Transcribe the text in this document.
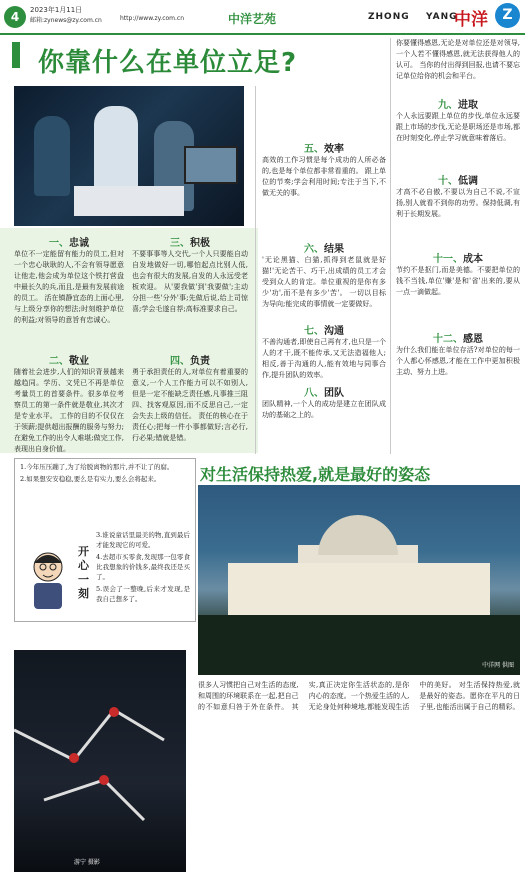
4	2023年1月11日
邮箱:zynews@zy.com.cn	http://www.zy.com.cn	中洋艺苑	ZHONG YANG
中洋	Z
你靠什么在单位立足?
一、忠诚
单位不一定能留有能力的员工,但对一个忠心耿耿的人,不会有领导愿意让他走,他会成为单位这个铁打营盘中最长久的兵,而且,是最有发展前途的员工。 活在镇静宜态的上面心里,与上级分享你的想法;时刻维护单位的利益;对领导的意旨有忠诚心。
二、敬业
随着社会进步,人们的知识背景越来越趋同。学历、文凭已不再是单位考量员工的首要条件。很多单位考察员工的第一条件就是敬业,其次才是专业水平。 工作的目的不仅仅在于领薪;提供超出报酬的服务与努力;在避免工作的出令人难堪;做完工作,表现出自身价值。
三、积极
不要事事等人交代,一个人只要能自动自发地做好一切,哪怕起点比别人低,也会有很大的发展,自发的人永远受老板欢迎。 从'要我做'到'我要做';主动分担一些'分外'事;先做后说,给上司惊喜;学会毛遂自荐;高标准要求自己。
四、负责
勇于承担责任的人,对单位有着重要的意义,一个人工作能力可以不如别人,但是一定不能缺乏责任感,凡事推三阻四、找客观原因,而不反思自己,一定会失去上级的信任。 责任的核心在于责任心;把每一件小事都做好;言必行,行必果;错就是错。
五、效率
高效的工作习惯是每个成功的人所必备的,也是每个单位都非常看重的。 跟上单位的节奏;学会利用时间;专注于当下,不做无关的事。
六、结果
'无论黑猫、白猫,抓得到老鼠就是好猫!'无论苦干、巧干,出成绩的员工才会受到众人的肯定。单位重视的是你有多少'功',而不是有多少'苦'。 一切以目标为导向;能完成的事情就一定要做好。
七、沟通
不善沟通者,即使自己再有才,也只是一个人的才干,既不能传承,又无法造福他人;相反,善于沟通的人,能有效地与同事合作,提升团队的效率。
八、团队
团队精神,一个人的成功是建立在团队成功的基础之上的。
你要懂得感恩,无论是对单位还是对领导,一个人若不懂得感恩,就无法获得他人的认可。 当你的付出得到回报,也请不要忘记单位给你的机会和平台。
九、进取
个人永远要跟上单位的步伐,单位永远要跟上市场的步伐,无论是职场还是市场,都在时刻变化,停止学习就意味着落后。
十、低调
才高不必自傲,不要以为自己不说,不宣扬,别人就看不到你的功劳。保持低调,有利于长期发展。
十一、成本
节约不是抠门,而是美德。不要把单位的钱不当钱,单位'赚'是和'省'出来的,要从一点一滴做起。
十二、感恩
为什么我们能在单位存活?对单位的每一个人都心怀感恩,才能在工作中更加积极主动、努力上进。
1.今年压压蹦了,为了给脱离物的那片,并不让了的腐。
2.如果想安安稳稳,要么是有实力,要么会将起来。
3.谁说童话里最美的物,直到最后才能发现它的可爱。
4.去超市买零食,发现那一包零食比我想象的价钱多,最终我还是买了。
5.误会了一整晚,后来才发现,是我自己想多了。
开心一刻
对生活保持热爱,就是最好的姿态
中洋网 供图
很多人习惯把自己对生活的态度,和周围的环境联系在一起,把自己的不如意归咎于外在条件。 其实,真正决定你生活状态的,是你内心的态度。一个热爱生活的人,无论身处何种境地,都能发现生活中的美好。 对生活保持热爱,就是最好的姿态。愿你在平凡的日子里,也能活出属于自己的精彩。
游宁 摄影
